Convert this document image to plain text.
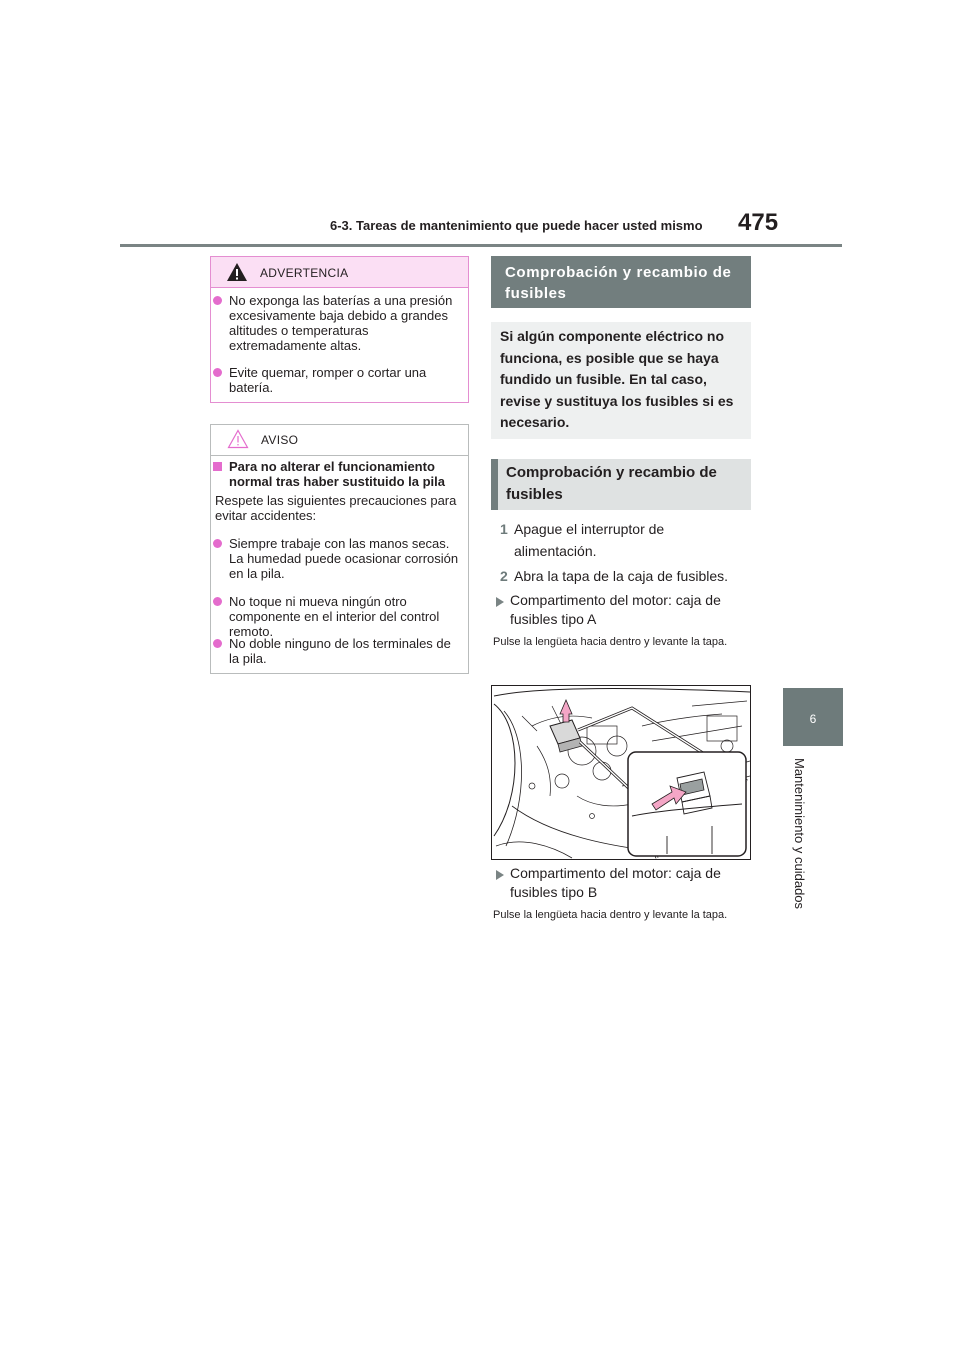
6-3. Tareas de mantenimiento que puede hacer usted mismo 475
6
Mantenimiento y cuidados
ADVERTENCIA
No exponga las baterías a una presión excesivamente baja debido a grandes altitudes o temperaturas extremadamente altas.
Evite quemar, romper o cortar una batería.
AVISO
Para no alterar el funcionamiento normal tras haber sustituido la pila
Respete las siguientes precauciones para evitar accidentes:
Siempre trabaje con las manos secas. La humedad puede ocasionar corrosión en la pila.
No toque ni mueva ningún otro componente en el interior del control remoto.
No doble ninguno de los terminales de la pila.
Comprobación y recambio de fusibles
Si algún componente eléctrico no funciona, es posible que se haya fundido un fusible. En tal caso, revise y sustituya los fusibles si es necesario.
Comprobación y recambio de fusibles
1 Apague el interruptor de alimentación.
2 Abra la tapa de la caja de fusibles.
Compartimento del motor: caja de fusibles tipo A
Pulse la lengüeta hacia dentro y levante la tapa.
Compartimento del motor: caja de fusibles tipo B
Pulse la lengüeta hacia dentro y levante la tapa.
